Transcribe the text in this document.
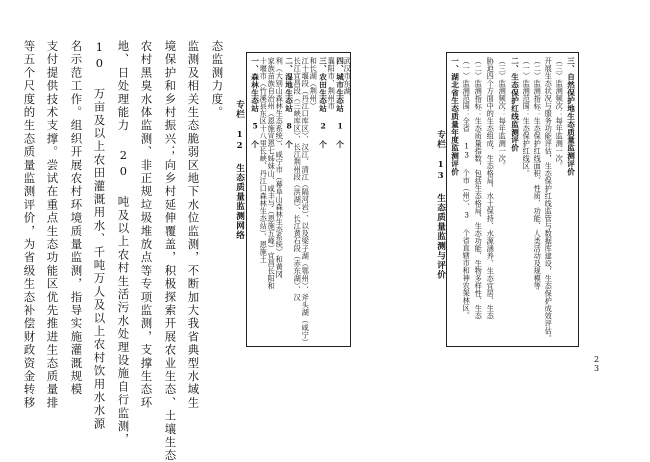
等五个尺度的生态质量监测评价，为省级生态补偿财政资金转移 支付提供技术支撑。尝试在重点生态功能区优先推进生态质量排 名示范工作。组织开展农村环境质量监测，指导实施灌溉规模 10 万亩及以上农田灌溉用水、千吨万人及以上农村饮用水水源 地、日处理能力 20 吨及以上农村生活污水处理设施自行监测， 农村黑臭水体监测、非正规垃圾堆放点等专项监测，支撑生态环 境保护和乡村振兴；向乡村延伸覆盖，积极探索开展农业生态、土壤生态 监测及相关生态脆弱区地下水位监测，不断加大我省典型水域生 态监测力度。
专栏 12 生态质量监测网络 一、森林生态站 5 个 十堰市（竹溪县东区十八里长峡、丹江口森林生态站）、恩施土 家族苗族自治州（恩施宣恩七姊妹山、咸丰与（恩施五峰）宜昌长阳和 利（大别山森林生态系统）、咸宁市（幕阜山森林生态系统）和黄冈 二、湿地生态站 8 个 长江宜昌段（三峡库区）、长江荆州段（洪湖）、长江黄石段（赤东湖）、汉 江十堰段（丹江口库区）、汉江、清江（隔河岩）、以及梁子湖（鄂州）、斧头湖（咸宁） 和长湖（荆州） 三、农田生态站 2 个 襄阳市、荆州市 四、城市生态站 1 个
武汉市东湖
专栏 13 生态质量监测与评价
一、湖北省生态质量年度监测评价 （一）监测范围：全省 13 个市（州）、3 个省直辖市和神农架林区。 （二）监测指标：生态质量指数，包括生态格局、生态功能、生物多样性、生态 胁迫四个方面中的生态组成、生态格局、水土保持、水源涵养、生态宜居、生态 （三）监测频次：每年监测一次。 二、生态保护红线监测评价 （一）监测范围：生态保护红线区。 （二）监测指标：生态保护红线面积、性质、功能、人类活动及规模等 开展生态状况与服务功能评估，生态保护红线监管与数据库建设，生态保护成效评估。 （三）监测频次：每年监测一次。 三、自然保护地生态质量监测评价
23
